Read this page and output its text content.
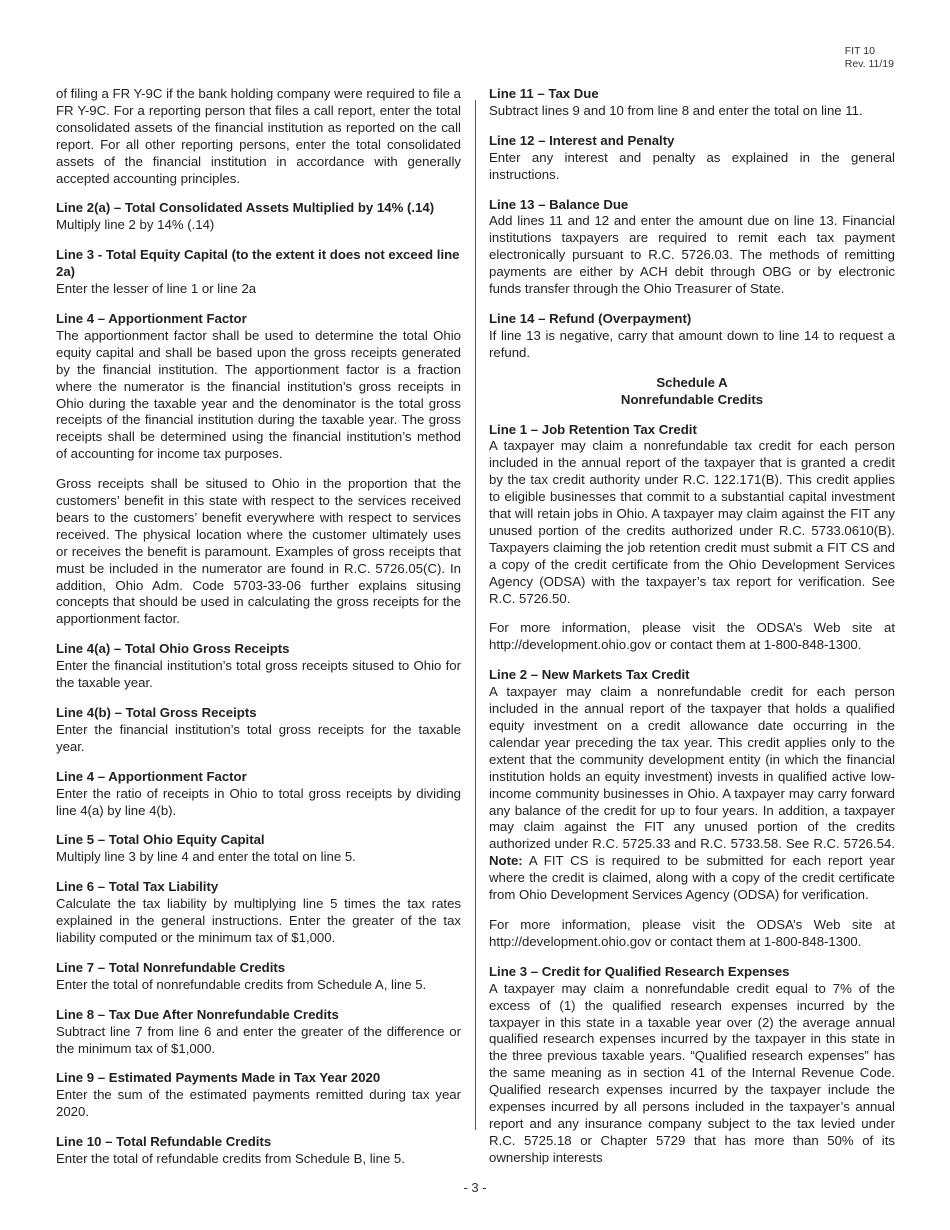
FIT 10
Rev. 11/19

of filing a FR Y-9C if the bank holding company were required to file a FR Y-9C. For a reporting person that files a call report, enter the total consolidated assets of the financial institution as reported on the call report. For all other reporting persons, enter the total consolidated assets of the financial institution in accordance with generally accepted accounting principles.

Line 2(a) – Total Consolidated Assets Multiplied by 14% (.14)

Multiply line 2 by 14% (.14)

Line 3 - Total Equity Capital (to the extent it does not exceed line 2a)

Enter the lesser of line 1 or line 2a

Line 4 – Apportionment Factor

The apportionment factor shall be used to determine the total Ohio equity capital and shall be based upon the gross receipts generated by the financial institution. The apportionment factor is a fraction where the numerator is the financial institution’s gross receipts in Ohio during the taxable year and the denominator is the total gross receipts of the financial institution during the taxable year. The gross receipts shall be determined using the financial institution’s method of accounting for income tax purposes.

Gross receipts shall be sitused to Ohio in the proportion that the customers’ benefit in this state with respect to the services received bears to the customers’ benefit everywhere with respect to services received. The physical location where the customer ultimately uses or receives the benefit is paramount. Examples of gross receipts that must be included in the numerator are found in R.C. 5726.05(C). In addition, Ohio Adm. Code 5703-33-06 further explains situsing concepts that should be used in calculating the gross receipts for the apportionment factor.

Line 4(a) – Total Ohio Gross Receipts

Enter the financial institution’s total gross receipts sitused to Ohio for the taxable year.

Line 4(b) – Total Gross Receipts

Enter the financial institution’s total gross receipts for the taxable year.

Line 4 – Apportionment Factor

Enter the ratio of receipts in Ohio to total gross receipts by dividing line 4(a) by line 4(b).

Line 5 – Total Ohio Equity Capital

Multiply line 3 by line 4 and enter the total on line 5.

Line 6 – Total Tax Liability

Calculate the tax liability by multiplying line 5 times the tax rates explained in the general instructions. Enter the greater of the tax liability computed or the minimum tax of $1,000.

Line 7 – Total Nonrefundable Credits

Enter the total of nonrefundable credits from Schedule A, line 5.

Line 8 – Tax Due After Nonrefundable Credits

Subtract line 7 from line 6 and enter the greater of the difference or the minimum tax of $1,000.

Line 9 – Estimated Payments Made in Tax Year 2020

Enter the sum of the estimated payments remitted during tax year 2020.

Line 10 – Total Refundable Credits

Enter the total of refundable credits from Schedule B, line 5.

Line 11 – Tax Due

Subtract lines 9 and 10 from line 8 and enter the total on line 11.

Line 12 – Interest and Penalty

Enter any interest and penalty as explained in the general instructions.

Line 13 – Balance Due

Add lines 11 and 12 and enter the amount due on line 13. Financial institutions taxpayers are required to remit each tax payment electronically pursuant to R.C. 5726.03. The methods of remitting payments are either by ACH debit through OBG or by electronic funds transfer through the Ohio Treasurer of State.

Line 14 – Refund (Overpayment)

If line 13 is negative, carry that amount down to line 14 to request a refund.

Schedule A
Nonrefundable Credits
Line 1 – Job Retention Tax Credit

A taxpayer may claim a nonrefundable tax credit for each person included in the annual report of the taxpayer that is granted a credit by the tax credit authority under R.C. 122.171(B). This credit applies to eligible businesses that commit to a substantial capital investment that will retain jobs in Ohio. A taxpayer may claim against the FIT any unused portion of the credits authorized under R.C. 5733.0610(B). Taxpayers claiming the job retention credit must submit a FIT CS and a copy of the credit certificate from the Ohio Development Services Agency (ODSA) with the taxpayer’s tax report for verification. See R.C. 5726.50.

For more information, please visit the ODSA’s Web site at http://development.ohio.gov or contact them at 1-800-848-1300.

Line 2 – New Markets Tax Credit

A taxpayer may claim a nonrefundable credit for each person included in the annual report of the taxpayer that holds a qualified equity investment on a credit allowance date occurring in the calendar year preceding the tax year. This credit applies only to the extent that the community development entity (in which the financial institution holds an equity investment) invests in qualified active low-income community businesses in Ohio. A taxpayer may carry forward any balance of the credit for up to four years. In addition, a taxpayer may claim against the FIT any unused portion of the credits authorized under R.C. 5725.33 and R.C. 5733.58. See R.C. 5726.54. Note: A FIT CS is required to be submitted for each report year where the credit is claimed, along with a copy of the credit certificate from Ohio Development Services Agency (ODSA) for verification.

For more information, please visit the ODSA’s Web site at http://development.ohio.gov or contact them at 1-800-848-1300.

Line 3 – Credit for Qualified Research Expenses

A taxpayer may claim a nonrefundable credit equal to 7% of the excess of (1) the qualified research expenses incurred by the taxpayer in this state in a taxable year over (2) the average annual qualified research expenses incurred by the taxpayer in this state in the three previous taxable years. “Qualified research expenses” has the same meaning as in section 41 of the Internal Revenue Code. Qualified research expenses incurred by the taxpayer include the expenses incurred by all persons included in the taxpayer’s annual report and any insurance company subject to the tax levied under R.C. 5725.18 or Chapter 5729 that has more than 50% of its ownership interests

- 3 -
